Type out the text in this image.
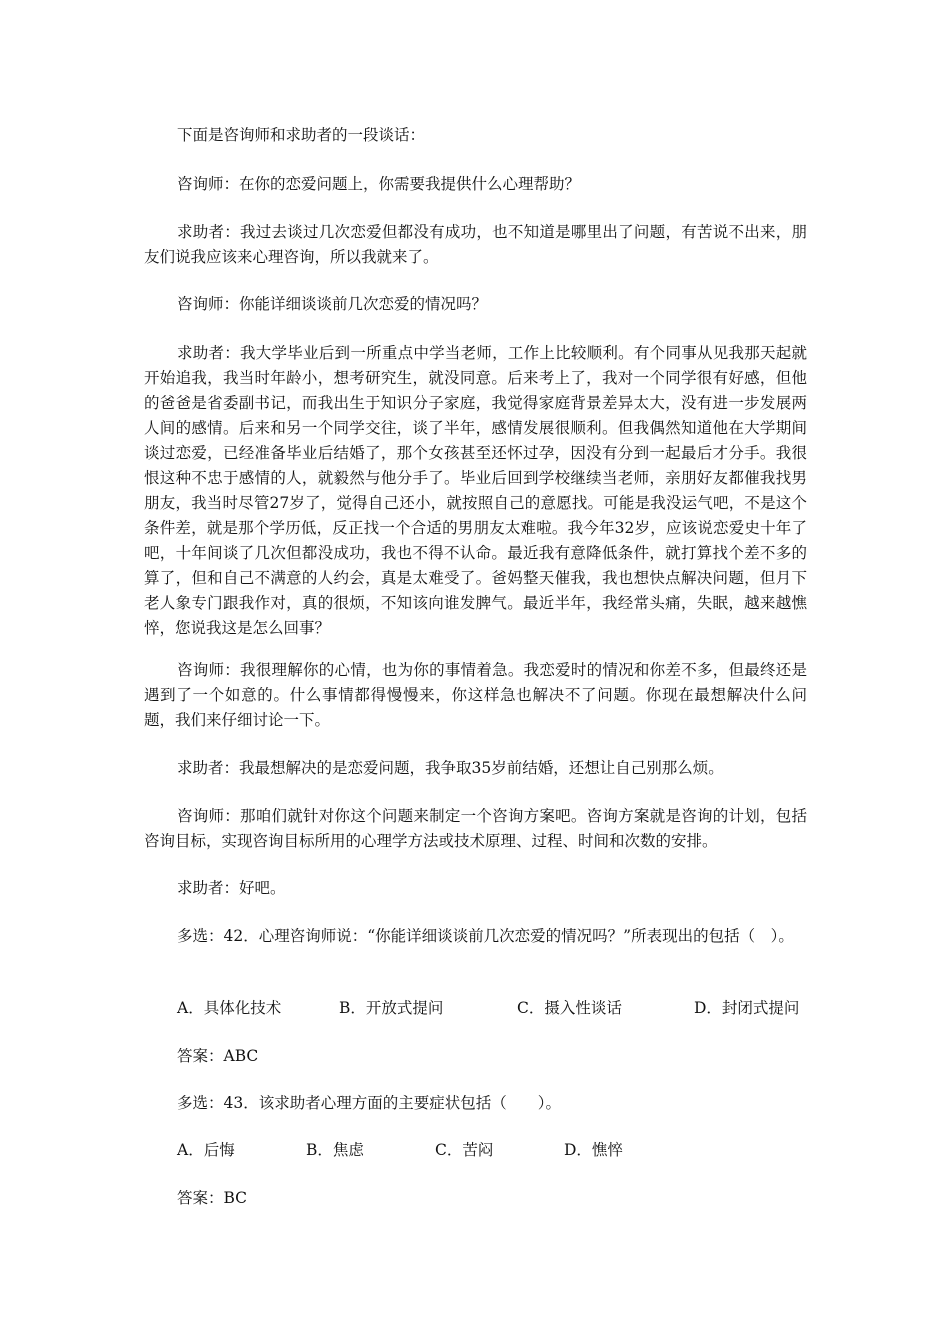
下面是咨询师和求助者的一段谈话：

咨询师：在你的恋爱问题上，你需要我提供什么心理帮助？

求助者：我过去谈过几次恋爱但都没有成功，也不知道是哪里出了问题，有苦说不出来，朋友们说我应该来心理咨询，所以我就来了。

咨询师：你能详细谈谈前几次恋爱的情况吗？

求助者：我大学毕业后到一所重点中学当老师，工作上比较顺利。有个同事从见我那天起就开始追我，我当时年龄小，想考研究生，就没同意。后来考上了，我对一个同学很有好感，但他的爸爸是省委副书记，而我出生于知识分子家庭，我觉得家庭背景差异太大，没有进一步发展两人间的感情。后来和另一个同学交往，谈了半年，感情发展很顺利。但我偶然知道他在大学期间谈过恋爱，已经准备毕业后结婚了，那个女孩甚至还怀过孕，因没有分到一起最后才分手。我很恨这种不忠于感情的人，就毅然与他分手了。毕业后回到学校继续当老师，亲朋好友都催我找男朋友，我当时尽管27岁了，觉得自己还小，就按照自己的意愿找。可能是我没运气吧，不是这个条件差，就是那个学历低，反正找一个合适的男朋友太难啦。我今年32岁，应该说恋爱史十年了吧，十年间谈了几次但都没成功，我也不得不认命。最近我有意降低条件，就打算找个差不多的算了，但和自己不满意的人约会，真是太难受了。爸妈整天催我，我也想快点解决问题，但月下老人象专门跟我作对，真的很烦，不知该向谁发脾气。最近半年，我经常头痛，失眠，越来越憔悴，您说我这是怎么回事？

咨询师：我很理解你的心情，也为你的事情着急。我恋爱时的情况和你差不多，但最终还是遇到了一个如意的。什么事情都得慢慢来，你这样急也解决不了问题。你现在最想解决什么问题，我们来仔细讨论一下。

求助者：我最想解决的是恋爱问题，我争取35岁前结婚，还想让自己别那么烦。

咨询师：那咱们就针对你这个问题来制定一个咨询方案吧。咨询方案就是咨询的计划，包括咨询目标，实现咨询目标所用的心理学方法或技术原理、过程、时间和次数的安排。

求助者：好吧。

多选：42．心理咨询师说：“你能详细谈谈前几次恋爱的情况吗？”所表现出的包括（　）。

A．具体化技术	B．开放式提问	C．摄入性谈话	D．封闭式提问

答案：ABC

多选：43．该求助者心理方面的主要症状包括（　　）。

A．后悔	B．焦虑	C．苦闷	D．憔悴

答案：BC
